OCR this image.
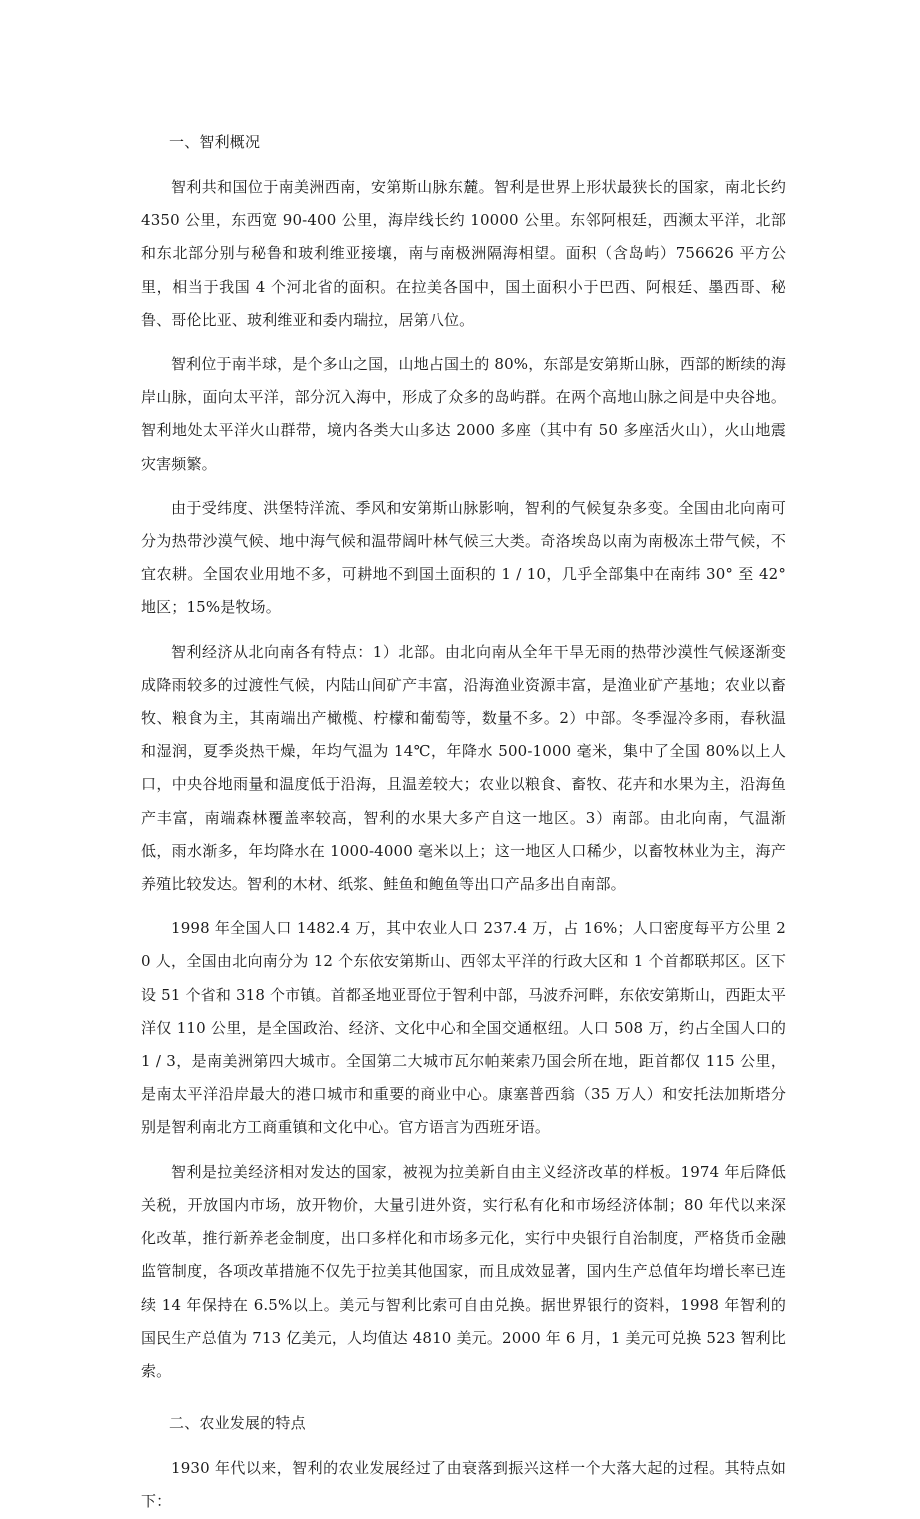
一、智利概况

智利共和国位于南美洲西南，安第斯山脉东麓。智利是世界上形状最狭长的国家，南北长约 4350 公里，东西宽 90-400 公里，海岸线长约 10000 公里。东邻阿根廷，西濒太平洋，北部和东北部分别与秘鲁和玻利维亚接壤，南与南极洲隔海相望。面积（含岛屿）756626 平方公里，相当于我国 4 个河北省的面积。在拉美各国中，国土面积小于巴西、阿根廷、墨西哥、秘鲁、哥伦比亚、玻利维亚和委内瑞拉，居第八位。

智利位于南半球，是个多山之国，山地占国土的 80%，东部是安第斯山脉，西部的断续的海岸山脉，面向太平洋，部分沉入海中，形成了众多的岛屿群。在两个高地山脉之间是中央谷地。智利地处太平洋火山群带，境内各类大山多达 2000 多座（其中有 50 多座活火山），火山地震灾害频繁。

由于受纬度、洪堡特洋流、季风和安第斯山脉影响，智利的气候复杂多变。全国由北向南可分为热带沙漠气候、地中海气候和温带阔叶林气候三大类。奇洛埃岛以南为南极冻土带气候，不宜农耕。全国农业用地不多，可耕地不到国土面积的 1 / 10，几乎全部集中在南纬 30° 至 42° 地区；15%是牧场。

智利经济从北向南各有特点：1）北部。由北向南从全年干旱无雨的热带沙漠性气候逐渐变成降雨较多的过渡性气候，内陆山间矿产丰富，沿海渔业资源丰富，是渔业矿产基地；农业以畜牧、粮食为主，其南端出产橄榄、柠檬和葡萄等，数量不多。2）中部。冬季湿冷多雨，春秋温和湿润，夏季炎热干燥，年均气温为 14℃，年降水 500-1000 毫米，集中了全国 80%以上人口，中央谷地雨量和温度低于沿海，且温差较大；农业以粮食、畜牧、花卉和水果为主，沿海鱼产丰富，南端森林覆盖率较高，智利的水果大多产自这一地区。3）南部。由北向南，气温渐低，雨水渐多，年均降水在 1000-4000 毫米以上；这一地区人口稀少，以畜牧林业为主，海产养殖比较发达。智利的木材、纸浆、鲑鱼和鲍鱼等出口产品多出自南部。

1998 年全国人口 1482.4 万，其中农业人口 237.4 万，占 16%；人口密度每平方公里 20 人，全国由北向南分为 12 个东依安第斯山、西邻太平洋的行政大区和 1 个首都联邦区。区下设 51 个省和 318 个市镇。首都圣地亚哥位于智利中部，马波乔河畔，东依安第斯山，西距太平洋仅 110 公里，是全国政治、经济、文化中心和全国交通枢纽。人口 508 万，约占全国人口的 1 / 3，是南美洲第四大城市。全国第二大城市瓦尔帕莱索乃国会所在地，距首都仅 115 公里，是南太平洋沿岸最大的港口城市和重要的商业中心。康塞普西翁（35 万人）和安托法加斯塔分别是智利南北方工商重镇和文化中心。官方语言为西班牙语。

智利是拉美经济相对发达的国家，被视为拉美新自由主义经济改革的样板。1974 年后降低关税，开放国内市场，放开物价，大量引进外资，实行私有化和市场经济体制；80 年代以来深化改革，推行新养老金制度，出口多样化和市场多元化，实行中央银行自治制度，严格货币金融监管制度，各项改革措施不仅先于拉美其他国家，而且成效显著，国内生产总值年均增长率已连续 14 年保持在 6.5%以上。美元与智利比索可自由兑换。据世界银行的资料，1998 年智利的国民生产总值为 713 亿美元，人均值达 4810 美元。2000 年 6 月，1 美元可兑换 523 智利比索。

二、农业发展的特点

1930 年代以来，智利的农业发展经过了由衰落到振兴这样一个大落大起的过程。其特点如下：
